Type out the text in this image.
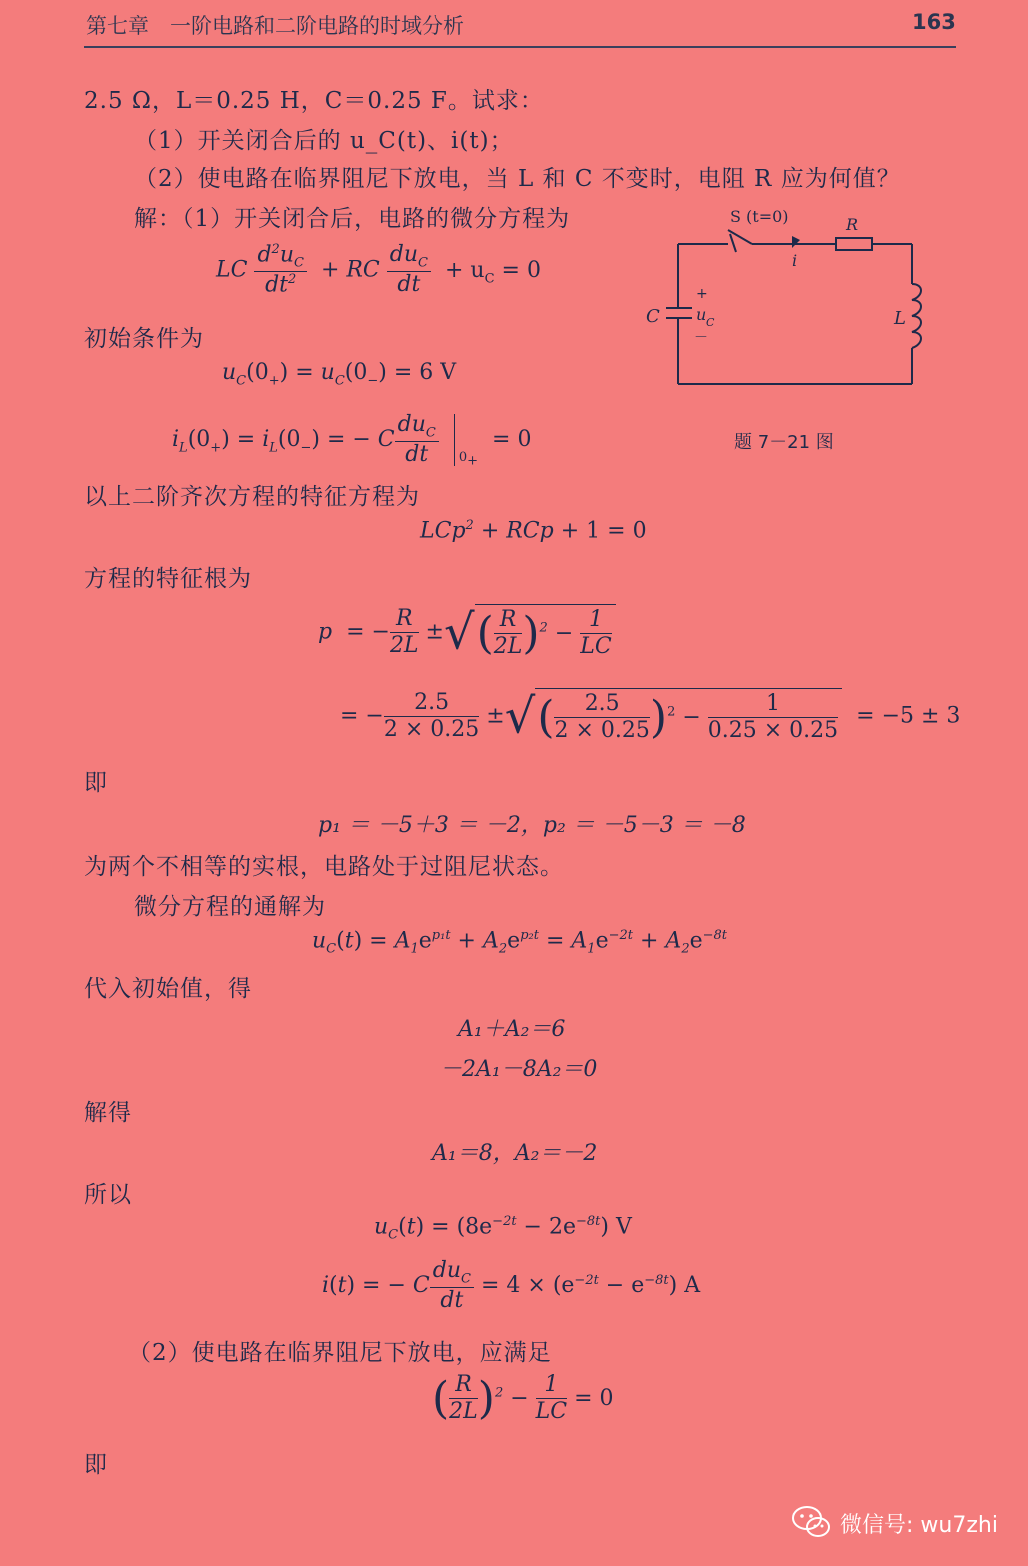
第七章　一阶电路和二阶电路的时域分析	163
2.5 Ω，L＝0.25 H，C＝0.25 F。试求：
（1）开关闭合后的 u_C(t)、i(t)；
（2）使电路在临界阻尼下放电，当 L 和 C 不变时，电阻 R 应为何值？
解：（1）开关闭合后，电路的微分方程为
LC $\frac{d^2u_C}{dt^2}$ + RC $\frac{du_C}{dt} + u_C = 0$
初始条件为
$u_C(0_+) = u_C(0_-) = 6$ V
$i_L(0_+) = i_L(0_-)$ = − C $\frac{du_C}{dt} _{0_+} = 0$
S (t=0)	R
i
C
+
u C
－
L
题 7－21 图
以上二阶齐次方程的特征方程为
LCp$^2$ + RCp + 1 = 0
方程的特征根为
p  = − $\frac{R}{2L}$ ±√( $\frac{R}{2L} )^2 - \frac{1}{LC}$
= − $\frac{2.5}{2 \times 0.25}$ ±√( $\frac{2.5}{2 \times 0.25} )^2 - \frac{1}{0.25 \times 0.25} = -5 \pm 3$
即
p₁ ＝ －5＋3 ＝ －2，p₂ ＝ －5－3 ＝ －8
为两个不相等的实根，电路处于过阻尼状态。
微分方程的通解为
$u_C(t) = A_1e^{p_1t} + A_2e^{p_2t} = A_1e^{-2t} + A_2e^{-8t}$
代入初始值，得
A₁＋A₂＝6
－2A₁－8A₂＝0
解得
A₁＝8，A₂＝－2
所以
$u_C(t) = (8e^{-2t} - 2e^{-8t})$ V
i(t) = − C $\frac{du_C}{dt} = 4 \times (e^{-2t} - e^{-8t})$ A
（2）使电路在临界阻尼下放电，应满足
( $\frac{R}{2L} )^2 - \frac{1}{LC} = 0$
即
微信号: wu7zhi
